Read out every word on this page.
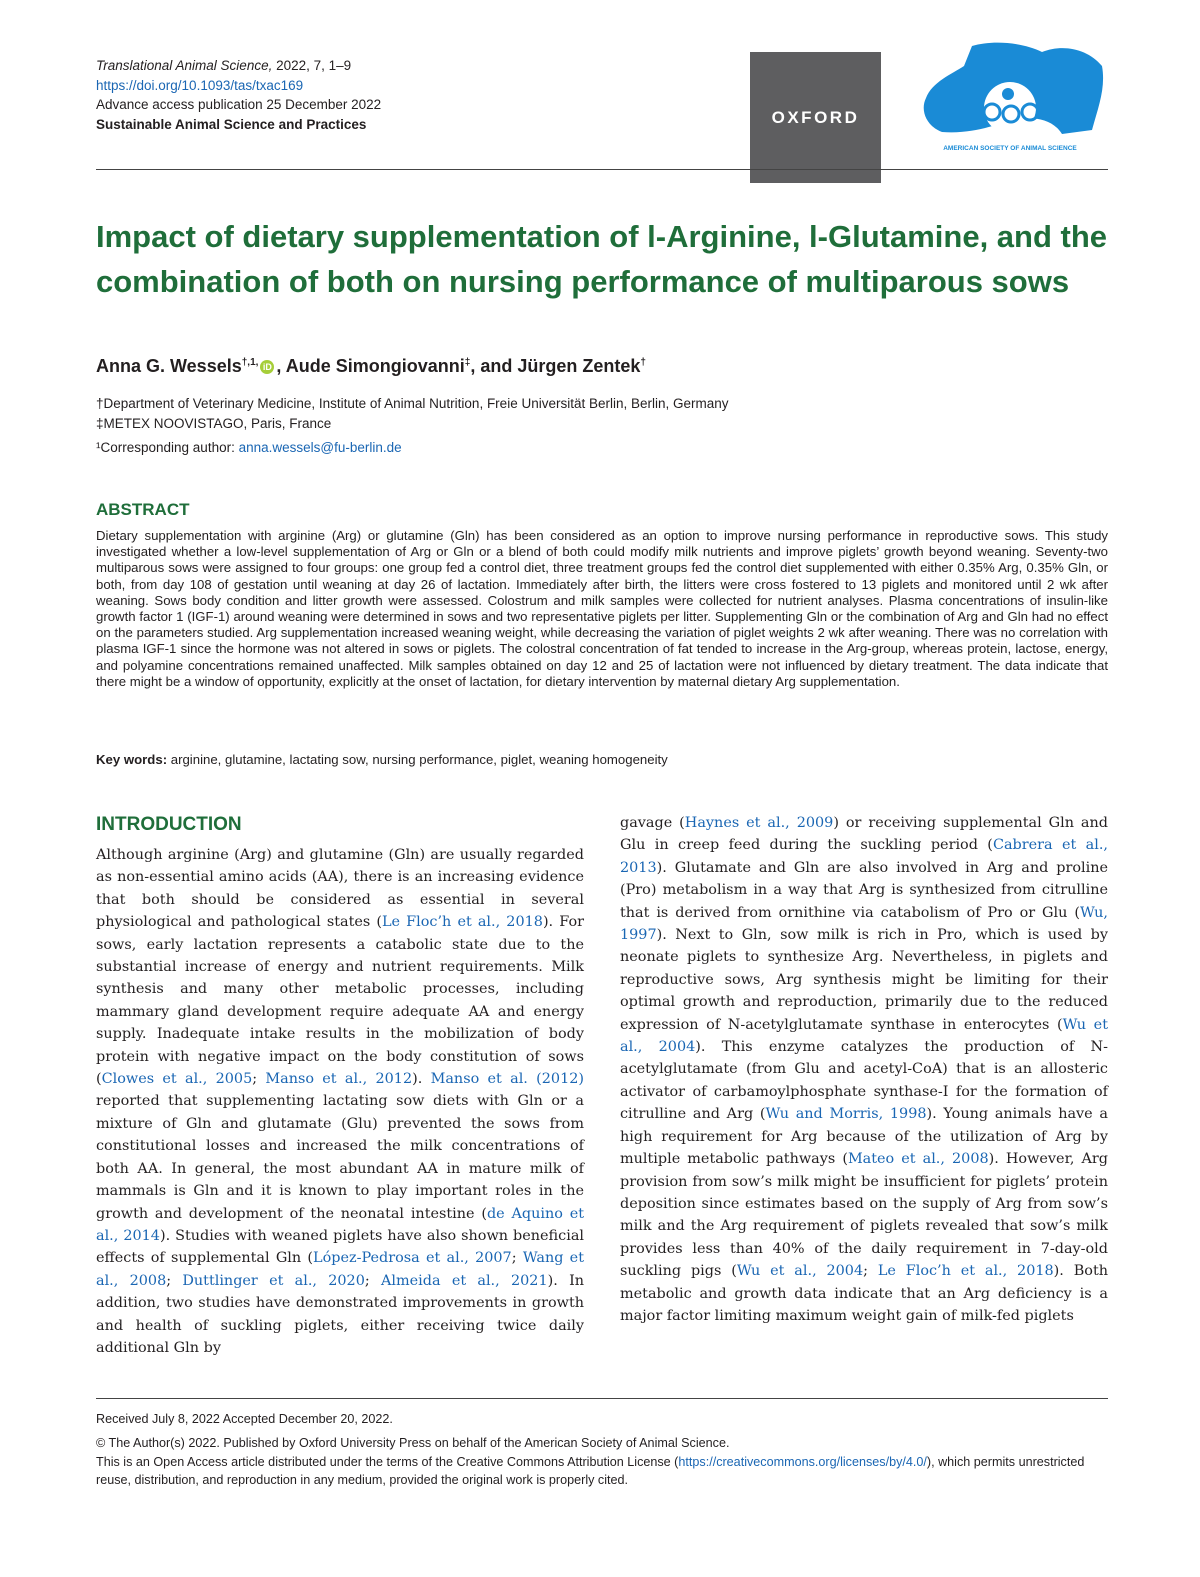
Translational Animal Science, 2022, 7, 1–9
https://doi.org/10.1093/tas/txac169
Advance access publication 25 December 2022
Sustainable Animal Science and Practices	OXFORD
AMERICAN SOCIETY OF ANIMAL SCIENCE
Impact of dietary supplementation of l-Arginine, l-Glutamine, and the combination of both on nursing performance of multiparous sows
Anna G. Wessels$^{\dagger,1,}$ iD , Aude Simongiovanni‡, and Jürgen Zentek†
†Department of Veterinary Medicine, Institute of Animal Nutrition, Freie Universität Berlin, Berlin, Germany
‡METEX NOOVISTAGO, Paris, France
¹Corresponding author: anna.wessels@fu-berlin.de
ABSTRACT

Dietary supplementation with arginine (Arg) or glutamine (Gln) has been considered as an option to improve nursing performance in reproductive sows. This study investigated whether a low-level supplementation of Arg or Gln or a blend of both could modify milk nutrients and improve piglets’ growth beyond weaning. Seventy-two multiparous sows were assigned to four groups: one group fed a control diet, three treatment groups fed the control diet supplemented with either 0.35% Arg, 0.35% Gln, or both, from day 108 of gestation until weaning at day 26 of lactation. Immediately after birth, the litters were cross fostered to 13 piglets and monitored until 2 wk after weaning. Sows body condition and litter growth were assessed. Colostrum and milk samples were collected for nutrient analyses. Plasma concentrations of insulin-like growth factor 1 (IGF-1) around weaning were determined in sows and two representative piglets per litter. Supplementing Gln or the combination of Arg and Gln had no effect on the parameters studied. Arg supplementation increased weaning weight, while decreasing the variation of piglet weights 2 wk after weaning. There was no correlation with plasma IGF-1 since the hormone was not altered in sows or piglets. The colostral concentration of fat tended to increase in the Arg-group, whereas protein, lactose, energy, and polyamine concentrations remained unaffected. Milk samples obtained on day 12 and 25 of lactation were not influenced by dietary treatment. The data indicate that there might be a window of opportunity, explicitly at the onset of lactation, for dietary intervention by maternal dietary Arg supplementation.

Key words: arginine, glutamine, lactating sow, nursing performance, piglet, weaning homogeneity
INTRODUCTION

Although arginine (Arg) and glutamine (Gln) are usually regarded as non-essential amino acids (AA), there is an increasing evidence that both should be considered as essential in several physiological and pathological states (Le Floc’h et al., 2018). For sows, early lactation represents a catabolic state due to the substantial increase of energy and nutrient requirements. Milk synthesis and many other metabolic processes, including mammary gland development require adequate AA and energy supply. Inadequate intake results in the mobilization of body protein with negative impact on the body constitution of sows (Clowes et al., 2005; Manso et al., 2012). Manso et al. (2012) reported that supplementing lactating sow diets with Gln or a mixture of Gln and glutamate (Glu) prevented the sows from constitutional losses and increased the milk concentrations of both AA. In general, the most abundant AA in mature milk of mammals is Gln and it is known to play important roles in the growth and development of the neonatal intestine (de Aquino et al., 2014). Studies with weaned piglets have also shown beneficial effects of supplemental Gln (López-Pedrosa et al., 2007; Wang et al., 2008; Duttlinger et al., 2020; Almeida et al., 2021). In addition, two studies have demonstrated improvements in growth and health of suckling piglets, either receiving twice daily additional Gln by

gavage (Haynes et al., 2009) or receiving supplemental Gln and Glu in creep feed during the suckling period (Cabrera et al., 2013). Glutamate and Gln are also involved in Arg and proline (Pro) metabolism in a way that Arg is synthesized from citrulline that is derived from ornithine via catabolism of Pro or Glu (Wu, 1997). Next to Gln, sow milk is rich in Pro, which is used by neonate piglets to synthesize Arg. Nevertheless, in piglets and reproductive sows, Arg synthesis might be limiting for their optimal growth and reproduction, primarily due to the reduced expression of N-acetylglutamate synthase in enterocytes (Wu et al., 2004). This enzyme catalyzes the production of N-acetylglutamate (from Glu and acetyl-CoA) that is an allosteric activator of carbamoylphosphate synthase-I for the formation of citrulline and Arg (Wu and Morris, 1998). Young animals have a high requirement for Arg because of the utilization of Arg by multiple metabolic pathways (Mateo et al., 2008). However, Arg provision from sow’s milk might be insufficient for piglets’ protein deposition since estimates based on the supply of Arg from sow’s milk and the Arg requirement of piglets revealed that sow’s milk provides less than 40% of the daily requirement in 7-day-old suckling pigs (Wu et al., 2004; Le Floc’h et al., 2018). Both metabolic and growth data indicate that an Arg deficiency is a major factor limiting maximum weight gain of milk-fed piglets

Received July 8, 2022 Accepted December 20, 2022.
© The Author(s) 2022. Published by Oxford University Press on behalf of the American Society of Animal Science.
This is an Open Access article distributed under the terms of the Creative Commons Attribution License (https://creativecommons.org/licenses/by/4.0/), which permits unrestricted reuse, distribution, and reproduction in any medium, provided the original work is properly cited.
